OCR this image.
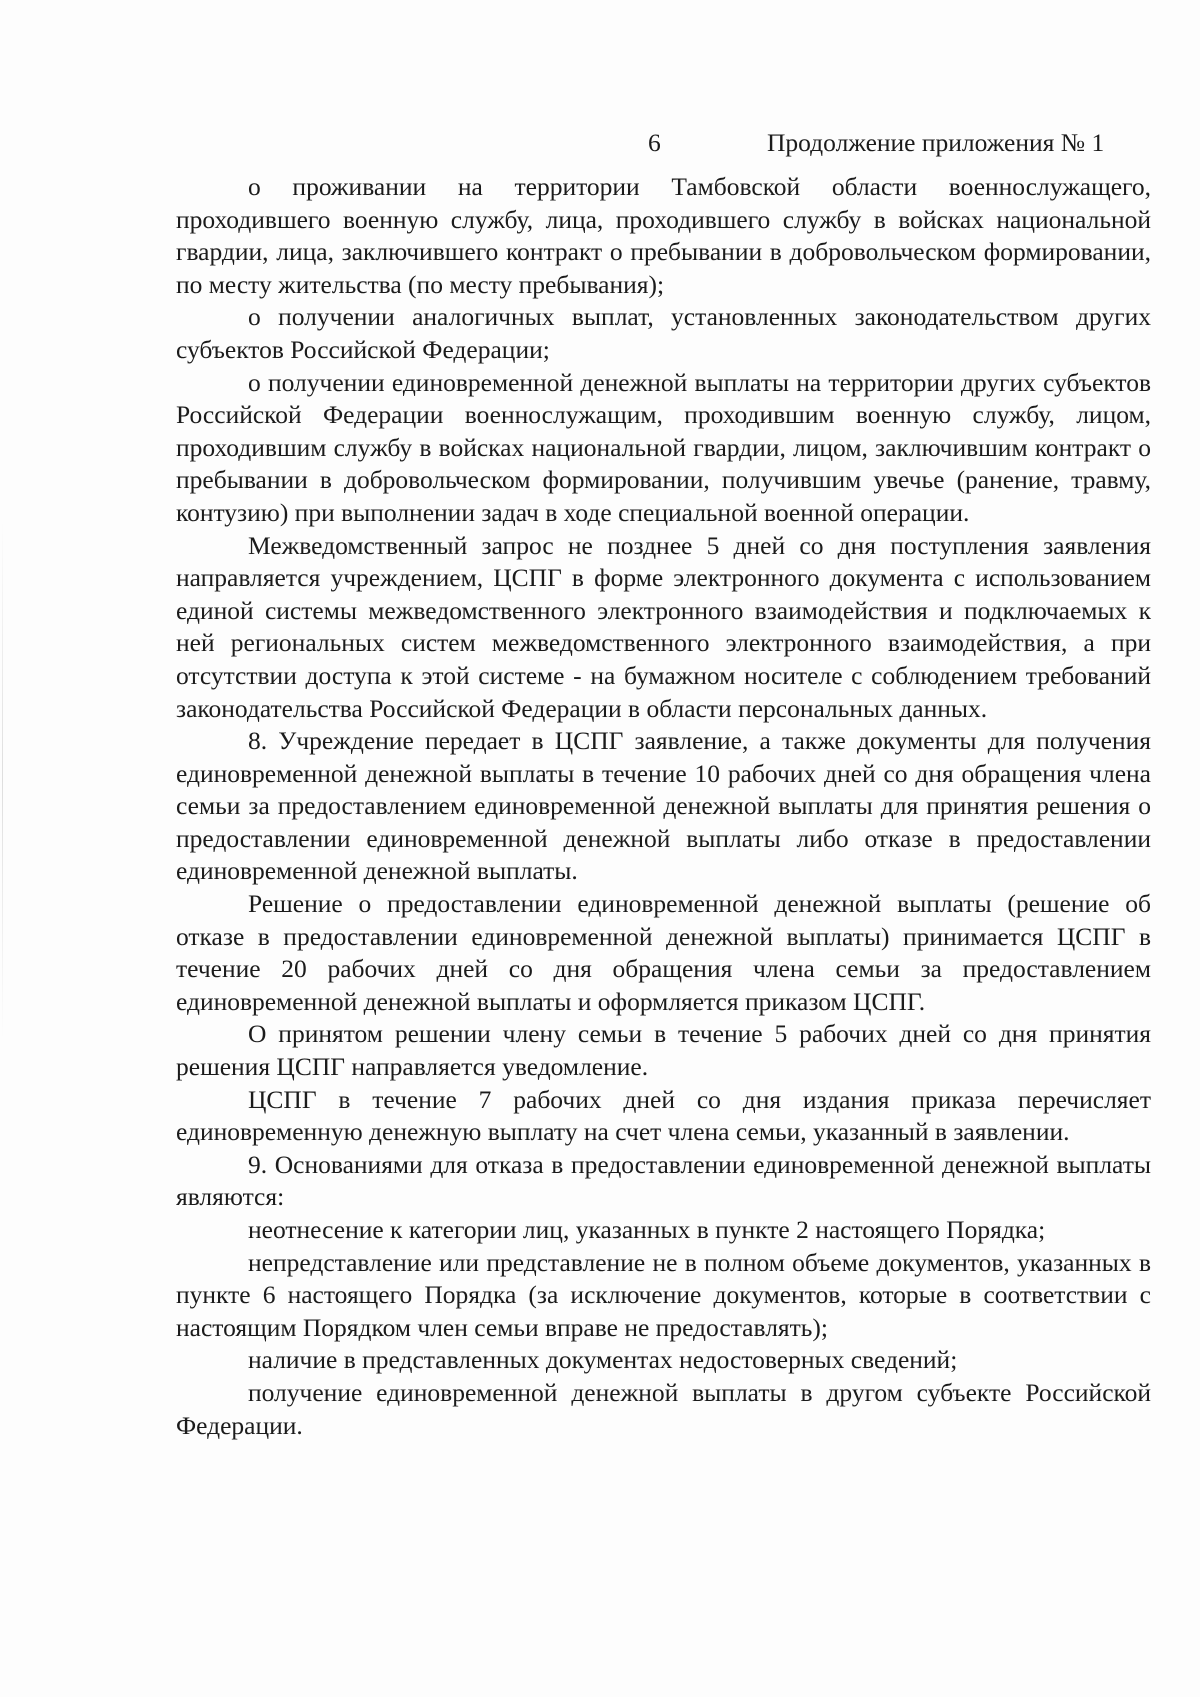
6	Продолжение приложения № 1

о проживании на территории Тамбовской области военнослужащего, проходившего военную службу, лица, проходившего службу в войсках национальной гвардии, лица, заключившего контракт о пребывании в добровольческом формировании, по месту жительства (по месту пребывания);

о получении аналогичных выплат, установленных законодательством других субъектов Российской Федерации;

о получении единовременной денежной выплаты на территории других субъектов Российской Федерации военнослужащим, проходившим военную службу, лицом, проходившим службу в войсках национальной гвардии, лицом, заключившим контракт о пребывании в добровольческом формировании, получившим увечье (ранение, травму, контузию) при выполнении задач в ходе специальной военной операции.

Межведомственный запрос не позднее 5 дней со дня поступления заявления направляется учреждением, ЦСПГ в форме электронного документа с использованием единой системы межведомственного электронного взаимодействия и подключаемых к ней региональных систем межведомственного электронного взаимодействия, а при отсутствии доступа к этой системе - на бумажном носителе с соблюдением требований законодательства Российской Федерации в области персональных данных.

8. Учреждение передает в ЦСПГ заявление, а также документы для получения единовременной денежной выплаты в течение 10 рабочих дней со дня обращения члена семьи за предоставлением единовременной денежной выплаты для принятия решения о предоставлении единовременной денежной выплаты либо отказе в предоставлении единовременной денежной выплаты.

Решение о предоставлении единовременной денежной выплаты (решение об отказе в предоставлении единовременной денежной выплаты) принимается ЦСПГ в течение 20 рабочих дней со дня обращения члена семьи за предоставлением единовременной денежной выплаты и оформляется приказом ЦСПГ.

О принятом решении члену семьи в течение 5 рабочих дней со дня принятия решения ЦСПГ направляется уведомление.

ЦСПГ в течение 7 рабочих дней со дня издания приказа перечисляет единовременную денежную выплату на счет члена семьи, указанный в заявлении.

9. Основаниями для отказа в предоставлении единовременной денежной выплаты являются:

неотнесение к категории лиц, указанных в пункте 2 настоящего Порядка;

непредставление или представление не в полном объеме документов, указанных в пункте 6 настоящего Порядка (за исключение документов, которые в соответствии с настоящим Порядком член семьи вправе не предоставлять);

наличие в представленных документах недостоверных сведений;

получение единовременной денежной выплаты в другом субъекте Российской Федерации.
